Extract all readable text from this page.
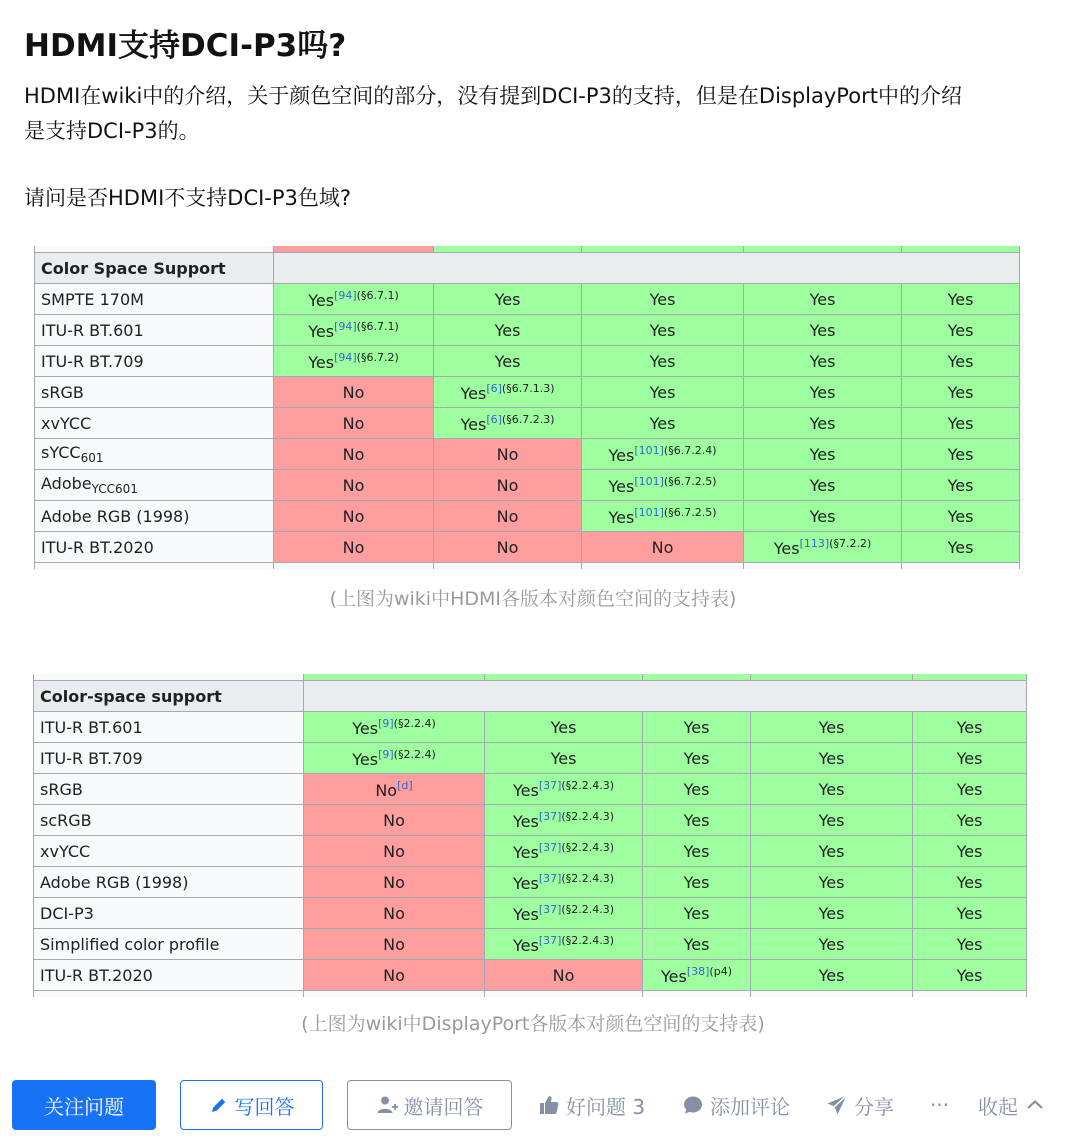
HDMI支持DCI-P3吗?

HDMI在wiki中的介绍，关于颜色空间的部分，没有提到DCI-P3的支持，但是在DisplayPort中的介绍

是支持DCI-P3的。

请问是否HDMI不支持DCI-P3色域?

Color Space Support					
SMPTE 170M	Yes$^{[94](\S 6.7.1)}$	Yes	Yes	Yes	Yes
ITU-R BT.601	Yes$^{[94](\S 6.7.1)}$	Yes	Yes	Yes	Yes
ITU-R BT.709	Yes$^{[94](\S 6.7.2)}$	Yes	Yes	Yes	Yes
sRGB	No	Yes$^{[6](\S 6.7.1.3)}$	Yes	Yes	Yes
xvYCC	No	Yes$^{[6](\S 6.7.2.3)}$	Yes	Yes	Yes
sYCC$_{601}$	No	No	Yes$^{[101](\S 6.7.2.4)}$	Yes	Yes
Adobe$_{YCC601}$	No	No	Yes$^{[101](\S 6.7.2.5)}$	Yes	Yes
Adobe RGB (1998)	No	No	Yes$^{[101](\S 6.7.2.5)}$	Yes	Yes
ITU-R BT.2020	No	No	No	Yes$^{[113](\S 7.2.2)}$	Yes

(上图为wiki中HDMI各版本对颜色空间的支持表)

Color-space support					
ITU-R BT.601	Yes$^{[9](\S 2.2.4)}$	Yes	Yes	Yes	Yes
ITU-R BT.709	Yes$^{[9](\S 2.2.4)}$	Yes	Yes	Yes	Yes
sRGB	No[d]	Yes$^{[37](\S 2.2.4.3)}$	Yes	Yes	Yes
scRGB	No	Yes$^{[37](\S 2.2.4.3)}$	Yes	Yes	Yes
xvYCC	No	Yes$^{[37](\S 2.2.4.3)}$	Yes	Yes	Yes
Adobe RGB (1998)	No	Yes$^{[37](\S 2.2.4.3)}$	Yes	Yes	Yes
DCI-P3	No	Yes$^{[37](\S 2.2.4.3)}$	Yes	Yes	Yes
Simplified color profile	No	Yes$^{[37](\S 2.2.4.3)}$	Yes	Yes	Yes
ITU-R BT.2020	No	No	Yes$^{[38](p4)}$	Yes	Yes

(上图为wiki中DisplayPort各版本对颜色空间的支持表)
关注问题	写回答	邀请回答	好问题 3	添加评论	分享 ··· 收起
